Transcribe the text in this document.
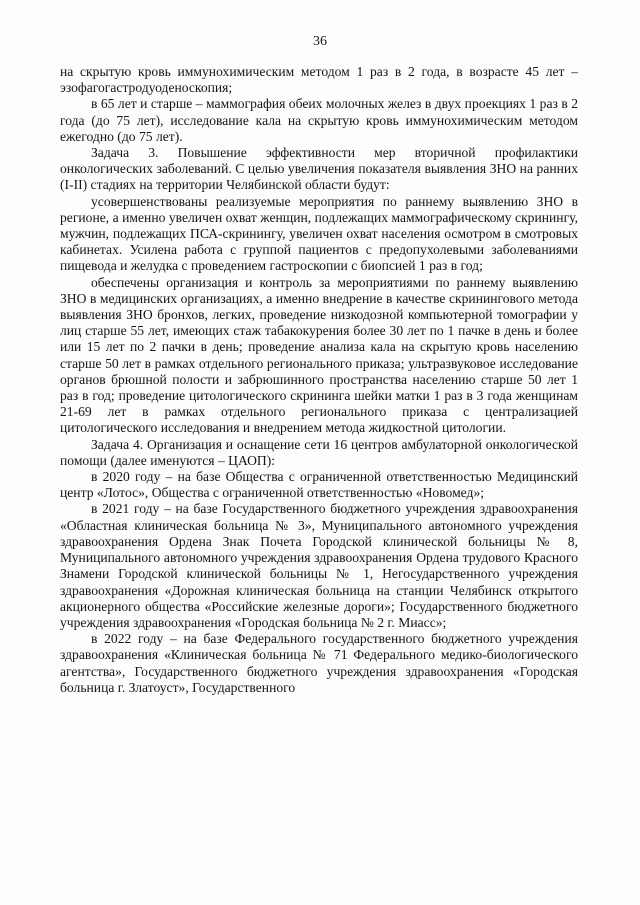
36

на скрытую кровь иммунохимическим методом 1 раз в 2 года, в возрасте 45 лет – эзофагогастродуоденоскопия;

в 65 лет и старше – маммография обеих молочных желез в двух проекциях 1 раз в 2 года (до 75 лет), исследование кала на скрытую кровь иммунохимическим методом ежегодно (до 75 лет).

Задача 3. Повышение эффективности мер вторичной профилактики онкологических заболеваний. С целью увеличения показателя выявления ЗНО на ранних (I-II) стадиях на территории Челябинской области будут:

усовершенствованы реализуемые мероприятия по раннему выявлению ЗНО в регионе, а именно увеличен охват женщин, подлежащих маммографическому скринингу, мужчин, подлежащих ПСА-скринингу, увеличен охват населения осмотром в смотровых кабинетах. Усилена работа с группой пациентов с предопухолевыми заболеваниями пищевода и желудка с проведением гастроскопии с биопсией 1 раз в год;

обеспечены организация и контроль за мероприятиями по раннему выявлению ЗНО в медицинских организациях, а именно внедрение в качестве скринингового метода выявления ЗНО бронхов, легких, проведение низкодозной компьютерной томографии у лиц старше 55 лет, имеющих стаж табакокурения более 30 лет по 1 пачке в день и более или 15 лет по 2 пачки в день; проведение анализа кала на скрытую кровь населению старше 50 лет в рамках отдельного регионального приказа; ультразвуковое исследование органов брюшной полости и забрюшинного пространства населению старше 50 лет 1 раз в год; проведение цитологического скрининга шейки матки 1 раз в 3 года женщинам 21-69 лет в рамках отдельного регионального приказа с централизацией цитологического исследования и внедрением метода жидкостной цитологии.

Задача 4. Организация и оснащение сети 16 центров амбулаторной онкологической помощи (далее именуются – ЦАОП):

в 2020 году – на базе Общества с ограниченной ответственностью Медицинский центр «Лотос», Общества с ограниченной ответственностью «Новомед»;

в 2021 году – на базе Государственного бюджетного учреждения здравоохранения «Областная клиническая больница № 3», Муниципального автономного учреждения здравоохранения Ордена Знак Почета Городской клинической больницы № 8, Муниципального автономного учреждения здравоохранения Ордена трудового Красного Знамени Городской клинической больницы № 1, Негосударственного учреждения здравоохранения «Дорожная клиническая больница на станции Челябинск открытого акционерного общества «Российские железные дороги»; Государственного бюджетного учреждения здравоохранения «Городская больница № 2 г. Миасс»;

в 2022 году – на базе Федерального государственного бюджетного учреждения здравоохранения «Клиническая больница № 71 Федерального медико-биологического агентства», Государственного бюджетного учреждения здравоохранения «Городская больница г. Златоуст», Государственного
